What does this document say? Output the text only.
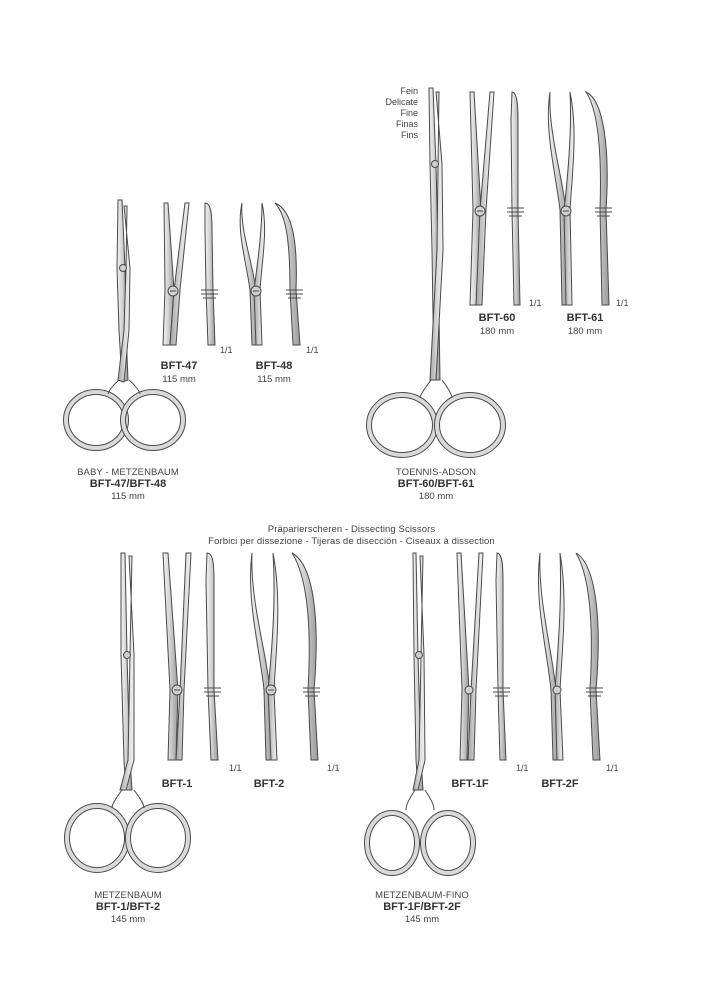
Fein
Delicate
Fine
Finas
Fins
1/1	1/1
1/1	1/1
1/1	1/1	1/1	1/1
BFT-47
115 mm
BFT-48
115 mm
BFT-60
180 mm
BFT-61
180 mm
BABY - METZENBAUM
BFT-47/BFT-48
115 mm
TOENNIS-ADSON
BFT-60/BFT-61
180 mm
Präparierscheren - Dissecting Scissors
Forbici per dissezione - Tijeras de disección - Ciseaux à dissection
BFT-1	BFT-2	BFT-1F	BFT-2F
METZENBAUM
BFT-1/BFT-2
145 mm
METZENBAUM-FINO
BFT-1F/BFT-2F
145 mm
